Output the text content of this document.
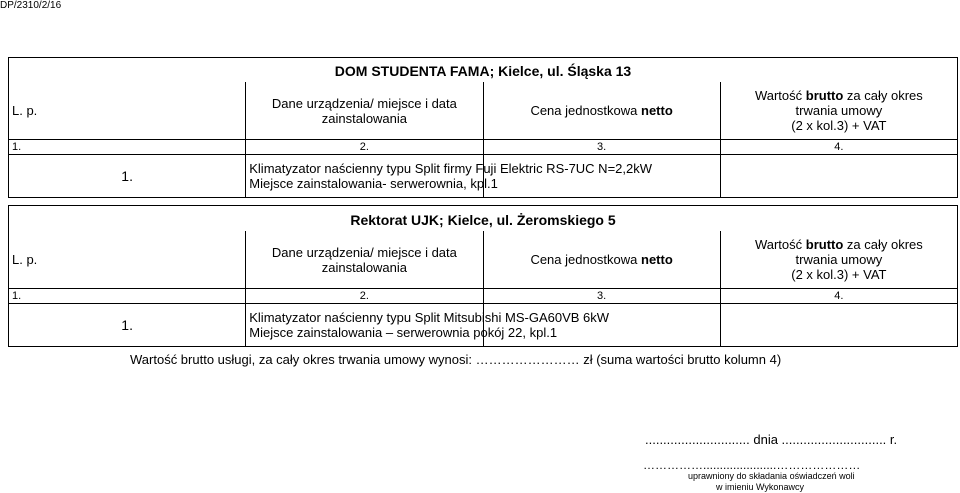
DP/2310/2/16
DOM STUDENTA FAMA; Kielce, ul. Śląska 13

L. p.	Dane urządzenia/ miejsce i data zainstalowania	Cena jednostkowa netto	Wartość brutto za cały okres
trwania umowy
(2 x kol.3) + VAT

1.	2.	3.	4.
1.	Klimatyzator naścienny typu Split firmy Fuji Elektric RS-7UC N=2,2kW
Miejsce zainstalowania- serwerownia, kpl.1		

Rektorat UJK; Kielce, ul. Żeromskiego 5

L. p.	Dane urządzenia/ miejsce i data zainstalowania	Cena jednostkowa netto	Wartość brutto za cały okres
trwania umowy
(2 x kol.3) + VAT

1.	2.	3.	4.
1.	Klimatyzator naścienny typu Split Mitsubishi MS-GA60VB 6kW
Miejsce zainstalowania – serwerownia pokój 22, kpl.1		

Wartość brutto usługi, za cały okres trwania umowy wynosi: …………………… zł (suma wartości brutto kolumn 4)
............................. dnia ............................. r.
……………......................…………………
uprawniony do składania oświadczeń woli
w imieniu Wykonawcy
